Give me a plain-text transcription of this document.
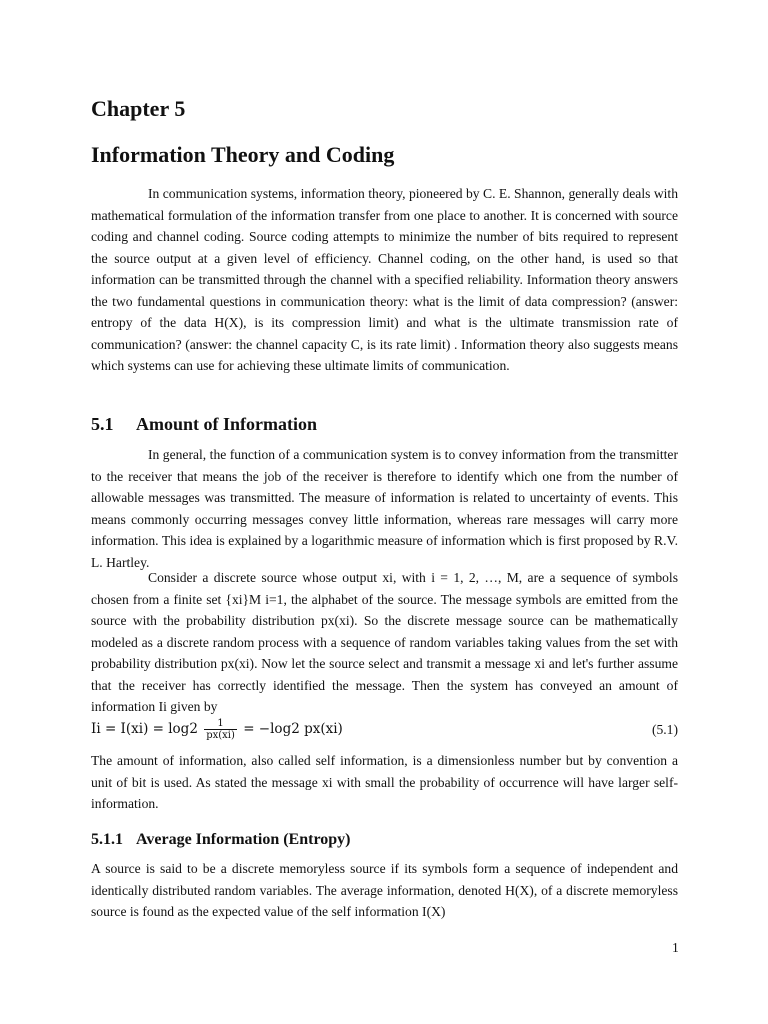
Chapter 5
Information Theory and Coding

In communication systems, information theory, pioneered by C. E. Shannon, generally deals with mathematical formulation of the information transfer from one place to another. It is concerned with source coding and channel coding. Source coding attempts to minimize the number of bits required to represent the source output at a given level of efficiency. Channel coding, on the other hand, is used so that information can be transmitted through the channel with a specified reliability. Information theory answers the two fundamental questions in communication theory: what is the limit of data compression? (answer: entropy of the data H(X), is its compression limit) and what is the ultimate transmission rate of communication? (answer: the channel capacity C, is its rate limit) . Information theory also suggests means which systems can use for achieving these ultimate limits of communication.

5.1 Amount of Information

In general, the function of a communication system is to convey information from the transmitter to the receiver that means the job of the receiver is therefore to identify which one from the number of allowable messages was transmitted. The measure of information is related to uncertainty of events. This means commonly occurring messages convey little information, whereas rare messages will carry more information. This idea is explained by a logarithmic measure of information which is first proposed by R.V. L. Hartley.

Consider a discrete source whose output xi, with i = 1, 2, …, M, are a sequence of symbols chosen from a finite set {xi}M i=1, the alphabet of the source. The message symbols are emitted from the source with the probability distribution px(xi). So the discrete message source can be mathematically modeled as a discrete random process with a sequence of random variables taking values from the set with probability distribution px(xi). Now let the source select and transmit a message xi and let's further assume that the receiver has correctly identified the message. Then the system has conveyed an amount of information Ii given by

$Ii = I(xi) = \log 2 \frac{1}{px(xi)} = -\log 2$ px(xi)	(5.1)

The amount of information, also called self information, is a dimensionless number but by convention a unit of bit is used. As stated the message xi with small the probability of occurrence will have larger self-information.

5.1.1 Average Information (Entropy)

A source is said to be a discrete memoryless source if its symbols form a sequence of independent and identically distributed random variables. The average information, denoted H(X), of a discrete memoryless source is found as the expected value of the self information I(X)

1
